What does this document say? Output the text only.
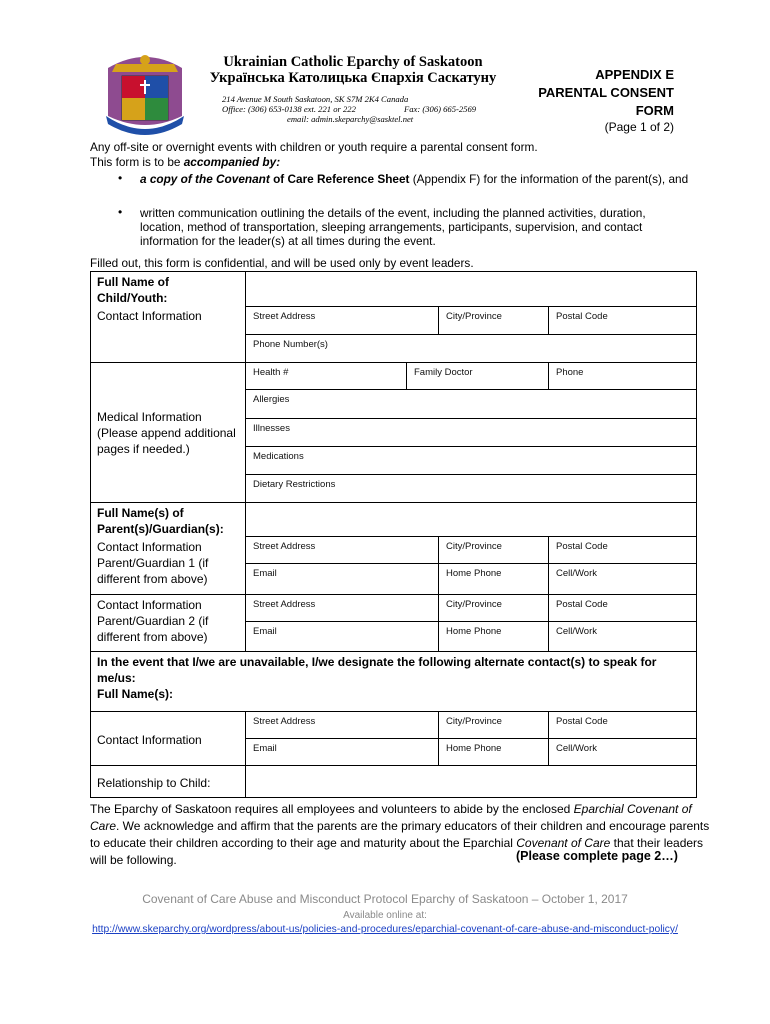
Ukrainian Catholic Eparchy of Saskatoon
Українська Католицька Єпархія Саскатуну
214 Avenue M South Saskatoon, SK S7M 2K4 Canada
Office: (306) 653-0138 ext. 221 or 222	Fax: (306) 665-2569
email: admin.skeparchy@sasktel.net
APPENDIX E
PARENTAL CONSENT
FORM
(Page 1 of 2)
Any off-site or overnight events with children or youth require a parental consent form.
This form is to be accompanied by:
• a copy of the Covenant of Care Reference Sheet (Appendix F) for the information of the parent(s), and
• written communication outlining the details of the event, including the planned activities, duration, location, method of transportation, sleeping arrangements, participants, supervision, and contact information for the leader(s) at all times during the event.
Filled out, this form is confidential, and will be used only by event leaders.
Full Name of Child/Youth:				
Contact Information	Street Address		City/Province	Postal Code
	Phone Number(s)			
Medical Information (Please append additional pages if needed.)	Health #	Family Doctor		Phone
	Allergies			
	Illnesses			
	Medications			
	Dietary Restrictions			
Full Name(s) of Parent(s)/Guardian(s):				
Contact Information Parent/Guardian 1 (if different from above)	Street Address		City/Province	Postal Code
	Email		Home Phone	Cell/Work
Contact Information Parent/Guardian 2 (if different from above)	Street Address		City/Province	Postal Code
	Email		Home Phone	Cell/Work

In the event that I/we are unavailable, I/we designate the following alternate contact(s) to speak for me/us:
Full Name(s):				

Contact Information	Street Address		City/Province	Postal Code
	Email		Home Phone	Cell/Work
Relationship to Child:				
The Eparchy of Saskatoon requires all employees and volunteers to abide by the enclosed Eparchial Covenant of Care. We acknowledge and affirm that the parents are the primary educators of their children and encourage parents to educate their children according to their age and maturity about the Eparchial Covenant of Care that their leaders will be following.	(Please complete page 2…)
Covenant of Care Abuse and Misconduct Protocol Eparchy of Saskatoon – October 1, 2017
Available online at:
http://www.skeparchy.org/wordpress/about-us/policies-and-procedures/eparchial-covenant-of-care-abuse-and-misconduct-policy/
